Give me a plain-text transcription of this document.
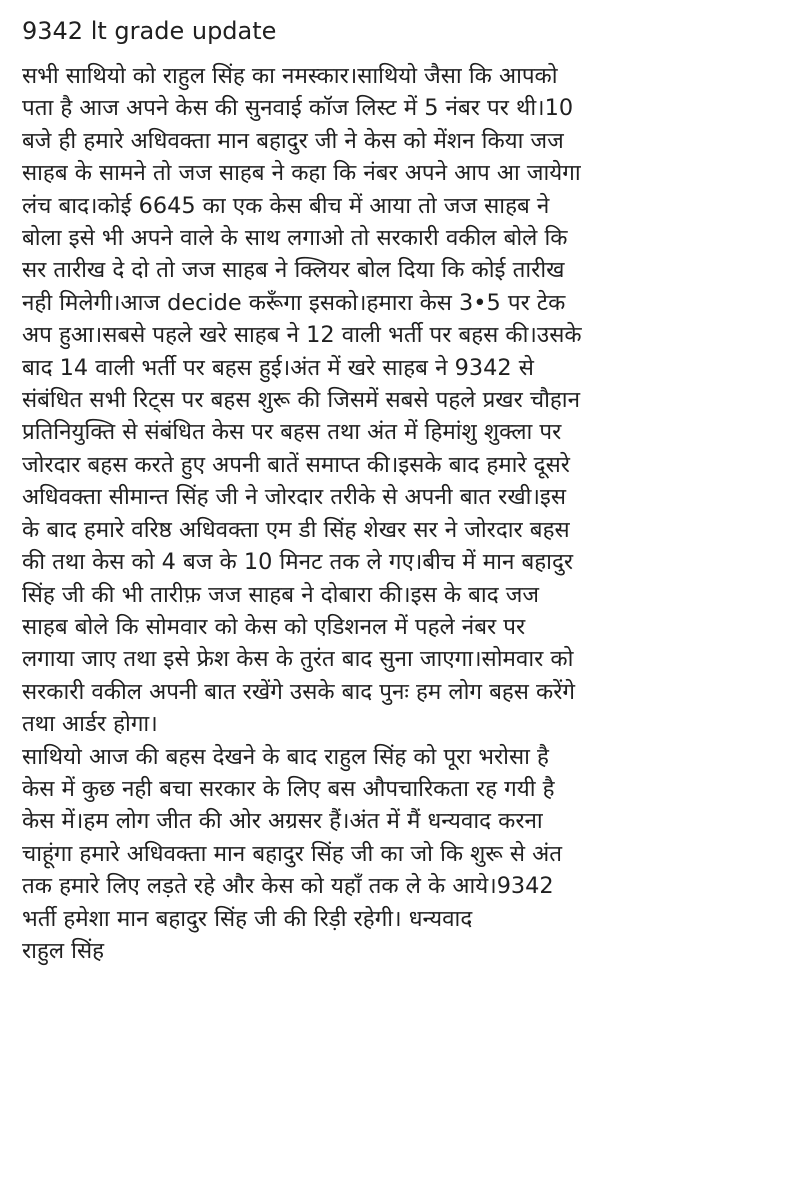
9342 lt grade update
सभी साथियो को राहुल सिंह का नमस्कार।साथियो जैसा कि आपको
पता है आज अपने केस की सुनवाई कॉज लिस्ट में 5 नंबर पर थी।10
बजे ही हमारे अधिवक्ता मान बहादुर जी ने केस को मेंशन किया जज
साहब के सामने तो जज साहब ने कहा कि नंबर अपने आप आ जायेगा
लंच बाद।कोई 6645 का एक केस बीच में आया तो जज साहब ने
बोला इसे भी अपने वाले के साथ लगाओ तो सरकारी वकील बोले कि
सर तारीख दे दो तो जज साहब ने क्लियर बोल दिया कि कोई तारीख
नही मिलेगी।आज decide करूँगा इसको।हमारा केस 3•5 पर टेक
अप हुआ।सबसे पहले खरे साहब ने 12 वाली भर्ती पर बहस की।उसके
बाद 14 वाली भर्ती पर बहस हुई।अंत में खरे साहब ने 9342 से
संबंधित सभी रिट्स पर बहस शुरू की जिसमें सबसे पहले प्रखर चौहान
प्रतिनियुक्ति से संबंधित केस पर बहस तथा अंत में हिमांशु शुक्ला पर
जोरदार बहस करते हुए अपनी बातें समाप्त की।इसके बाद हमारे दूसरे
अधिवक्ता सीमान्त सिंह जी ने जोरदार तरीके से अपनी बात रखी।इस
के बाद हमारे वरिष्ठ अधिवक्ता एम डी सिंह शेखर सर ने जोरदार बहस
की तथा केस को 4 बज के 10 मिनट तक ले गए।बीच में मान बहादुर
सिंह जी की भी तारीफ़ जज साहब ने दोबारा की।इस के बाद जज
साहब बोले कि सोमवार को केस को एडिशनल में पहले नंबर पर
लगाया जाए तथा इसे फ्रेश केस के तुरंत बाद सुना जाएगा।सोमवार को
सरकारी वकील अपनी बात रखेंगे उसके बाद पुनः हम लोग बहस करेंगे
तथा आर्डर होगा।
साथियो आज की बहस देखने के बाद राहुल सिंह को पूरा भरोसा है
केस में कुछ नही बचा सरकार के लिए बस औपचारिकता रह गयी है
केस में।हम लोग जीत की ओर अग्रसर हैं।अंत में मैं धन्यवाद करना
चाहूंगा हमारे अधिवक्ता मान बहादुर सिंह जी का जो कि शुरू से अंत
तक हमारे लिए लड़ते रहे और केस को यहाँ तक ले के आये।9342
भर्ती हमेशा मान बहादुर सिंह जी की रिड़ी रहेगी। धन्यवाद
राहुल सिंह
